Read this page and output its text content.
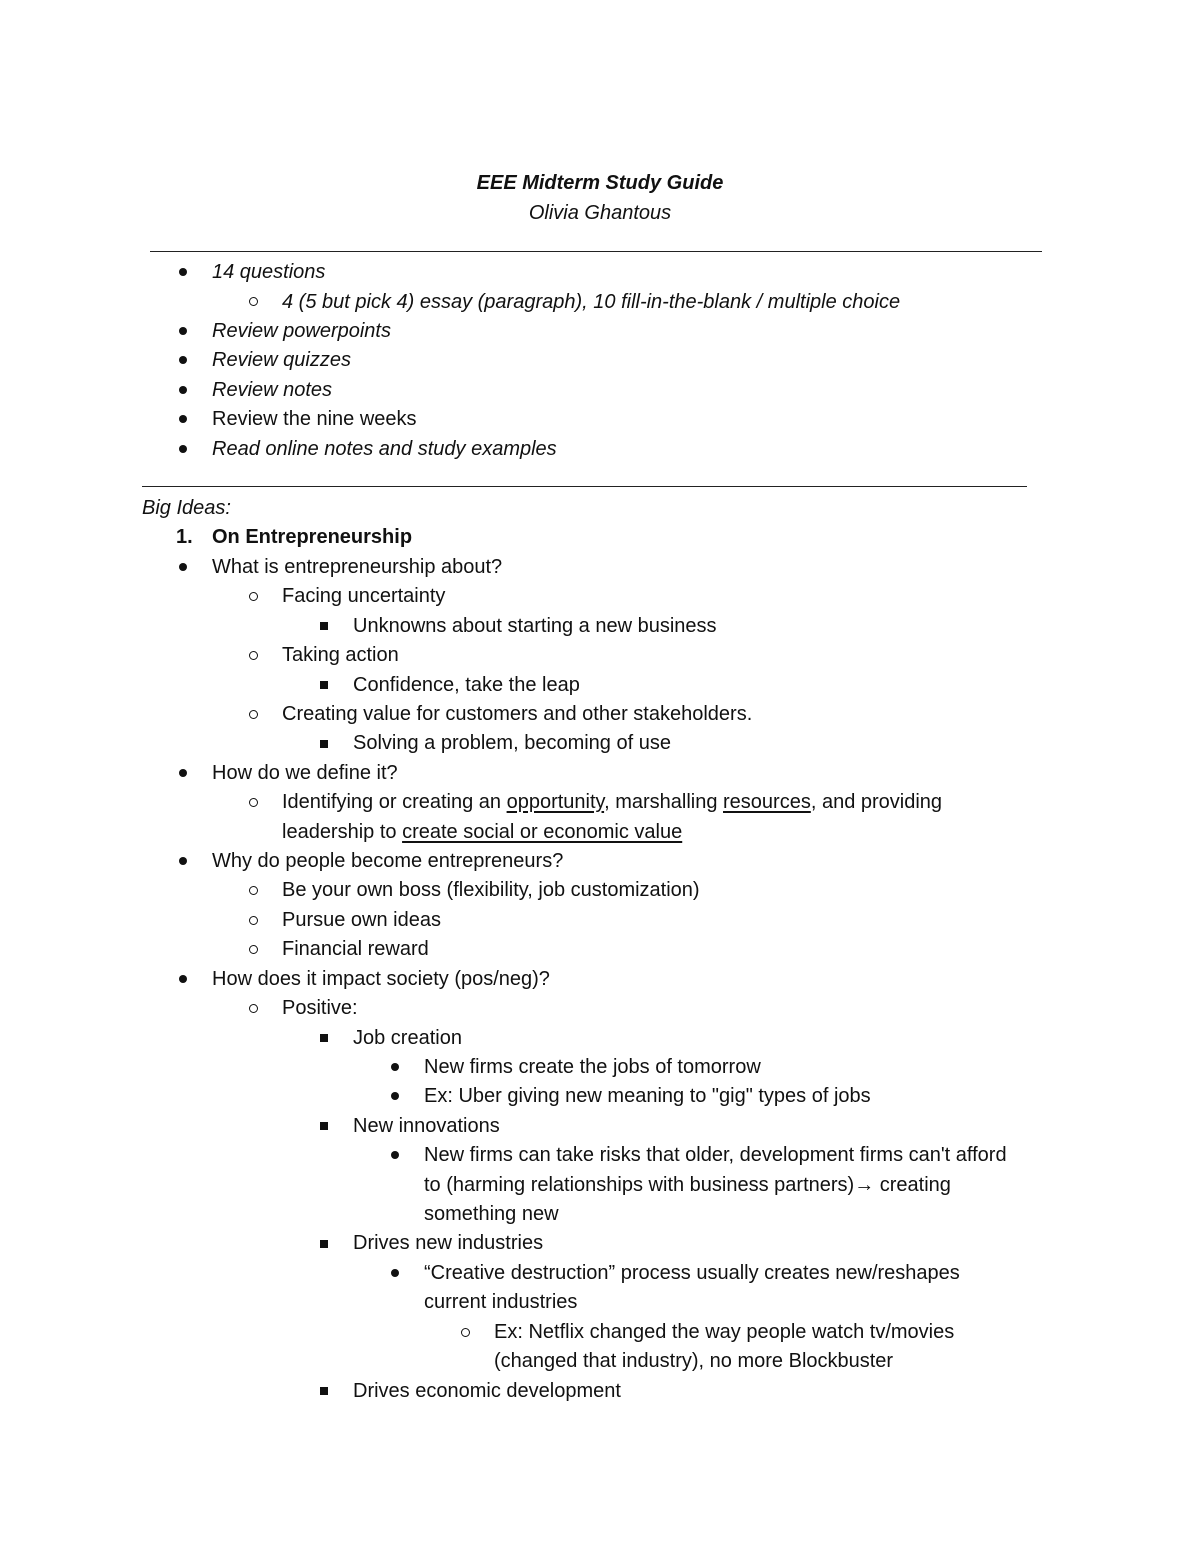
EEE Midterm Study Guide
Olivia Ghantous
14 questions
4 (5 but pick 4) essay (paragraph), 10 fill-in-the-blank / multiple choice
Review powerpoints
Review quizzes
Review notes
Review the nine weeks
Read online notes and study examples
Big Ideas:
1. On Entrepreneurship
What is entrepreneurship about?
Facing uncertainty
Unknowns about starting a new business
Taking action
Confidence, take the leap
Creating value for customers and other stakeholders.
Solving a problem, becoming of use
How do we define it?
Identifying or creating an opportunity, marshalling resources, and providing
leadership to create social or economic value
Why do people become entrepreneurs?
Be your own boss (flexibility, job customization)
Pursue own ideas
Financial reward
How does it impact society (pos/neg)?
Positive:
Job creation
New firms create the jobs of tomorrow
Ex: Uber giving new meaning to "gig" types of jobs
New innovations
New firms can take risks that older, development firms can't afford
to (harming relationships with business partners)→ creating
something new
Drives new industries
“Creative destruction” process usually creates new/reshapes
current industries
Ex: Netflix changed the way people watch tv/movies
(changed that industry), no more Blockbuster
Drives economic development
